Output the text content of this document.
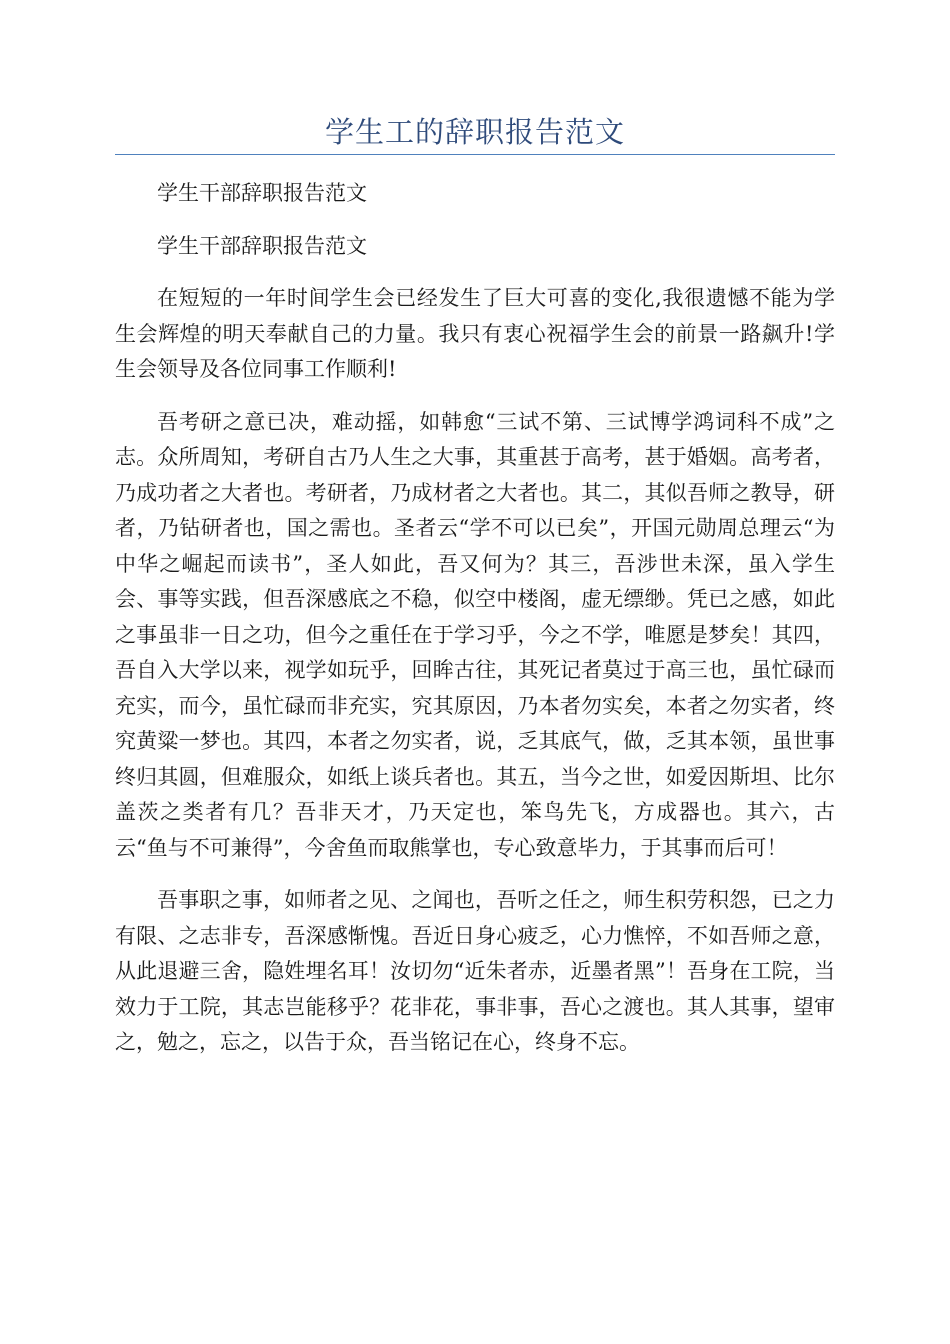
学生工的辞职报告范文

学生干部辞职报告范文

学生干部辞职报告范文

在短短的一年时间学生会已经发生了巨大可喜的变化,我很遗憾不能为学生会辉煌的明天奉献自己的力量。我只有衷心祝福学生会的前景一路飙升!学生会领导及各位同事工作顺利!

吾考研之意已决，难动摇，如韩愈“三试不第、三试博学鸿词科不成”之志。众所周知，考研自古乃人生之大事，其重甚于高考，甚于婚姻。高考者，乃成功者之大者也。考研者，乃成材者之大者也。其二，其似吾师之教导，研者，乃钻研者也，国之需也。圣者云“学不可以已矣”，开国元勋周总理云“为中华之崛起而读书”，圣人如此，吾又何为？其三，吾涉世未深，虽入学生会、事等实践，但吾深感底之不稳，似空中楼阁，虚无缥缈。凭已之感，如此之事虽非一日之功，但今之重任在于学习乎，今之不学，唯愿是梦矣！其四，吾自入大学以来，视学如玩乎，回眸古往，其死记者莫过于高三也，虽忙碌而充实，而今，虽忙碌而非充实，究其原因，乃本者勿实矣，本者之勿实者，终究黄粱一梦也。其四，本者之勿实者，说，乏其底气，做，乏其本领，虽世事终归其圆，但难服众，如纸上谈兵者也。其五，当今之世，如爱因斯坦、比尔盖茨之类者有几？吾非天才，乃天定也，笨鸟先飞，方成器也。其六，古云“鱼与不可兼得”，今舍鱼而取熊掌也，专心致意毕力，于其事而后可！

吾事职之事，如师者之见、之闻也，吾听之任之，师生积劳积怨，已之力有限、之志非专，吾深感惭愧。吾近日身心疲乏，心力憔悴，不如吾师之意，从此退避三舍，隐姓埋名耳！汝切勿“近朱者赤，近墨者黑”！吾身在工院，当效力于工院，其志岂能移乎？花非花，事非事，吾心之渡也。其人其事，望审之，勉之，忘之，以告于众，吾当铭记在心，终身不忘。
